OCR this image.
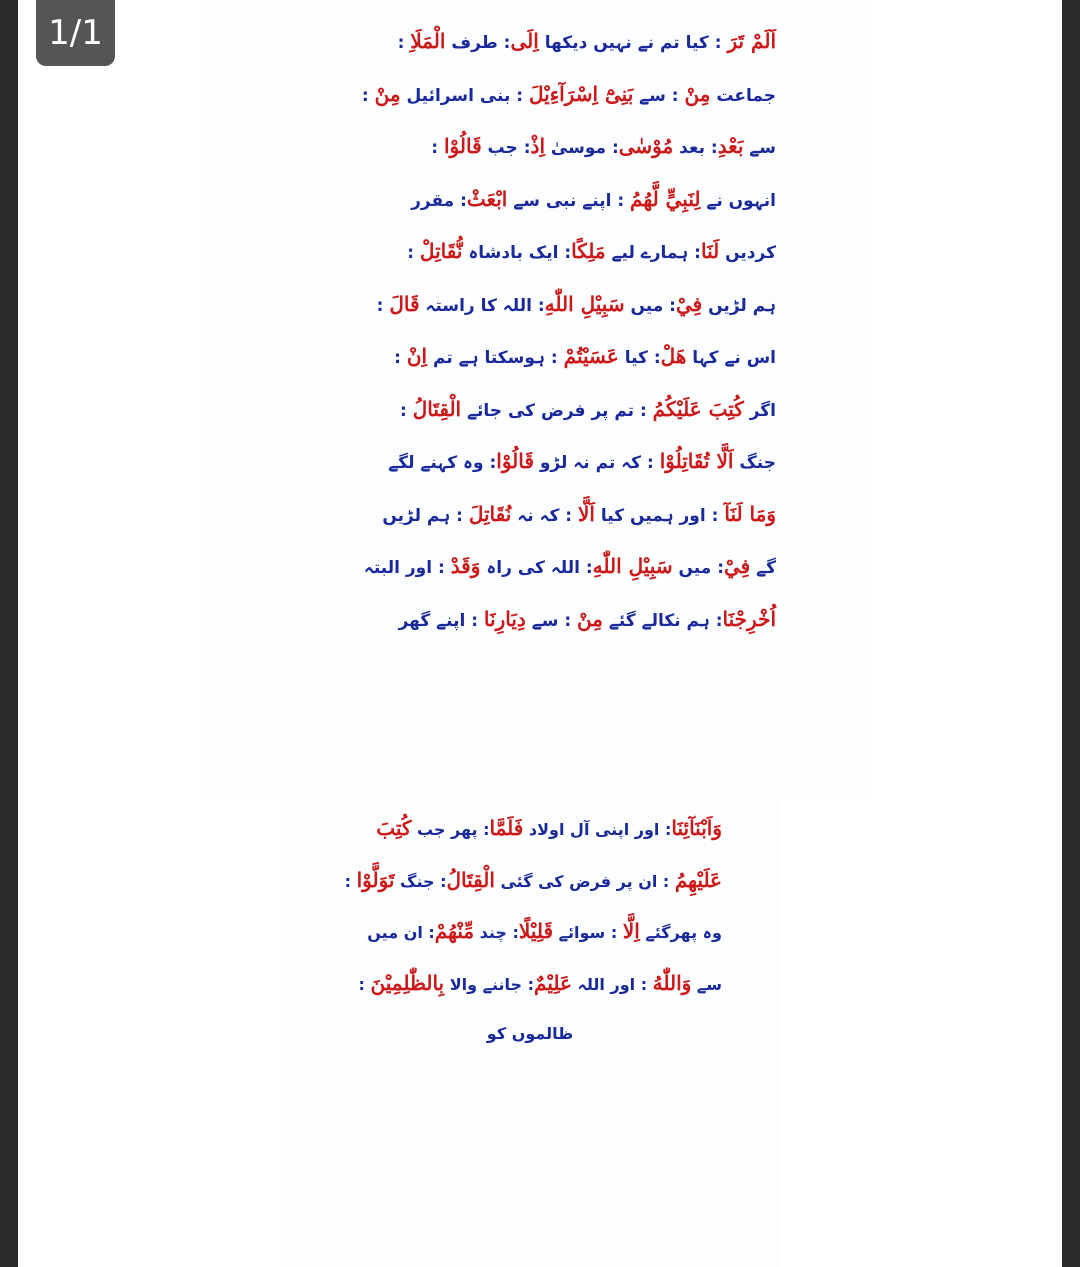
اَلَمْ تَرَ : کیا تم نے نہیں دیکھا اِلَى: طرف الْمَلَاِ :
جماعت مِنْ : سے بَنِیْٓ اِسْرَآءِيْلَ : بنی اسرائیل مِنْ :
سے بَعْدِ: بعد مُوْسٰى: موسیٰ اِذْ: جب قَالُوْا :
انہوں نے لِنَبِيٍّ لَّهُمُ : اپنے نبی سے ابْعَثْ: مقرر
کردیں لَنَا: ہمارے لیے مَلِكًا: ایک بادشاہ نُّقَاتِلْ :
ہم لڑیں فِيْ: میں سَبِيْلِ اللّٰهِ: اللہ کا راستہ قَالَ :
اس نے کہا هَلْ: کیا عَسَيْتُمْ : ہوسکتا ہے تم اِنْ :
اگر كُتِبَ عَلَيْكُمُ : تم پر فرض کی جائے الْقِتَالُ :
جنگ اَلَّا تُقَاتِلُوْا : کہ تم نہ لڑو قَالُوْا: وہ کہنے لگے
وَمَا لَنَآ : اور ہمیں کیا اَلَّا : کہ نہ نُقَاتِلَ : ہم لڑیں
گے فِيْ: میں سَبِيْلِ اللّٰهِ: اللہ کی راہ وَقَدْ : اور البتہ
اُخْرِجْنَا: ہم نکالے گئے مِنْ : سے دِيَارِنَا : اپنے گھر
وَاَبْنَآئِنَا: اور اپنی آل اولاد فَلَمَّا: پھر جب كُتِبَ
عَلَيْهِمُ : ان پر فرض کی گئی الْقِتَالُ: جنگ تَوَلَّوْا :
وہ پھرگئے اِلَّا : سوائے قَلِيْلًا: چند مِّنْهُمْ: ان میں
سے وَاللّٰهُ : اور اللہ عَلِيْمٌ: جاننے والا بِالظّٰلِمِيْنَ :
ظالموں کو
1/1
